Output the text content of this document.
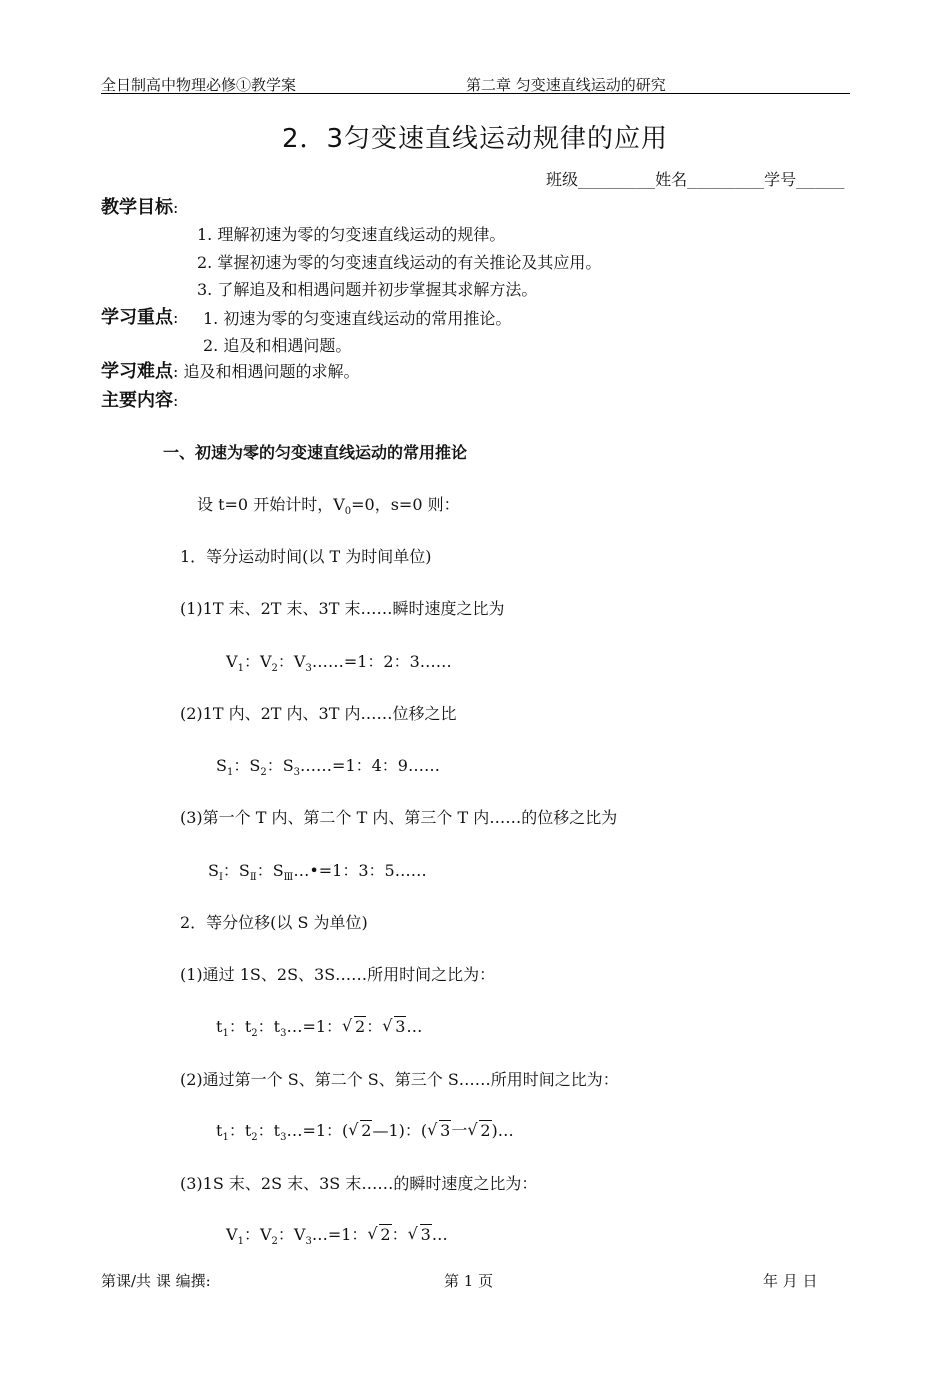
全日制高中物理必修①教学案	第二章 匀变速直线运动的研究
2．3匀变速直线运动规律的应用
班级________姓名________学号_____
教学目标:
1. 理解初速为零的匀变速直线运动的规律。
2. 掌握初速为零的匀变速直线运动的有关推论及其应用。
3. 了解追及和相遇问题并初步掌握其求解方法。
学习重点: 1. 初速为零的匀变速直线运动的常用推论。
2. 追及和相遇问题。
学习难点: 追及和相遇问题的求解。
主要内容:
一、初速为零的匀变速直线运动的常用推论
设 t=0 开始计时，$V_0=0$，s=0 则：
1．等分运动时间(以 T 为时间单位)
(1)1T 末、2T 末、3T 末……瞬时速度之比为
$V_1$：$V_2$：$V_3\dots\dots=1$：2：3……
(2)1T 内、2T 内、3T 内……位移之比
$S_1$：$S_2$：$S_3\dots\dots=1$：4：9……
(3)第一个 T 内、第二个 T 内、第三个 T 内……的位移之比为
$S_Ⅰ$：$S_Ⅱ$：$S_Ⅲ\dots•=1$：3：5……
2．等分位移(以 S 为单位)
(1)通过 1S、2S、3S……所用时间之比为：
$t_1$：$t_2$：$t_3\dots=1$： √ 2： √ 3…
(2)通过第一个 S、第二个 S、第三个 S……所用时间之比为：
$t_1$：$t_2$：$t_3\dots=1$：( √ 2—1)：( √ 3一 √ 2)…
(3)1S 末、2S 末、3S 末……的瞬时速度之比为：
$V_1$：$V_2$：$V_3\dots=1$： √ 2： √ 3…
第课/共 课 编撰:	第 1 页	年 月 日
